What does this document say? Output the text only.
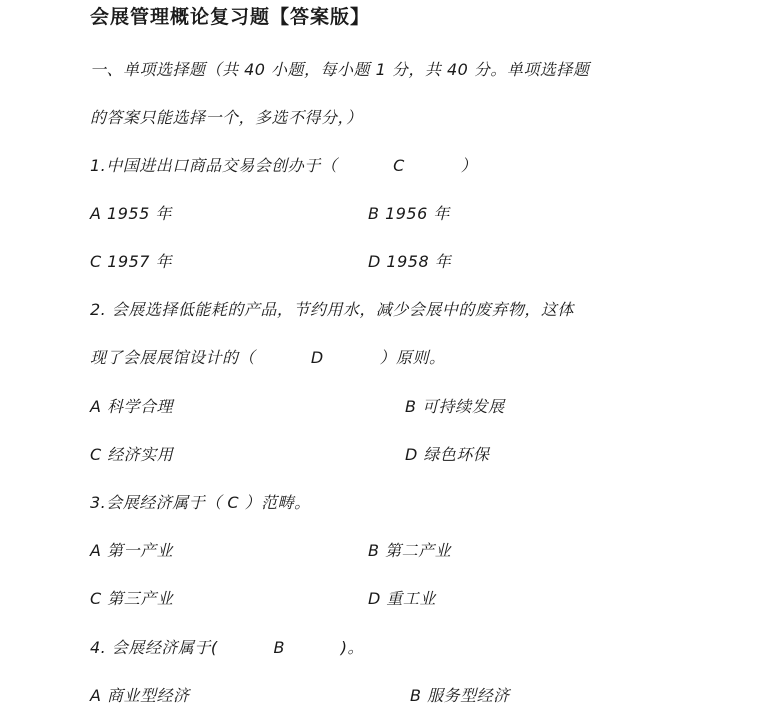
会展管理概论复习题【答案版】
一、单项选择题（共 40 小题，每小题 1 分，共 40 分。单项选择题
的答案只能选择一个，多选不得分，）
1.中国进出口商品交易会创办于（          C          ）
A 1955 年	B 1956 年
C 1957 年	D 1958 年
2. 会展选择低能耗的产品，节约用水，减少会展中的废弃物，这体
现了会展展馆设计的（          D          ）原则。
A 科学合理	B 可持续发展
C 经济实用	D 绿色环保
3.会展经济属于（ C ）范畴。
A 第一产业	B 第二产业
C 第三产业	D 重工业
4. 会展经济属于(          B          )。
A 商业型经济	B 服务型经济
